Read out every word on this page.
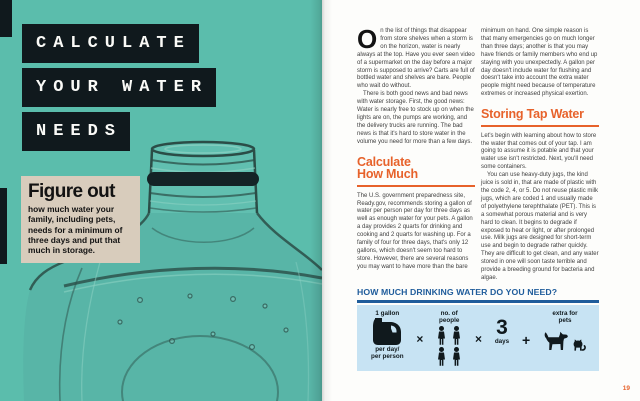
CALCULATE
YOUR WATER
NEEDS
Figure out
how much water your family, including pets, needs for a minimum of three days and put that much in storage.

On the list of things that disappear from store shelves when a storm is on the horizon, water is nearly always at the top. Have you ever seen video of a supermarket on the day before a major storm is supposed to arrive? Carts are full of bottled water and shelves are bare. People who wait do without.

There is both good news and bad news with water storage. First, the good news: Water is nearly free to stock up on when the lights are on, the pumps are working, and the delivery trucks are running. The bad news is that it's hard to store water in the volume you need for more than a few days.

Calculate
How Much

The U.S. government preparedness site, Ready.gov, recommends storing a gallon of water per person per day for three days as well as enough water for your pets. A gallon a day provides 2 quarts for drinking and cooking and 2 quarts for washing up. For a family of four for three days, that's only 12 gallons, which doesn't seem too hard to store. However, there are several reasons you may want to have more than the bare

minimum on hand. One simple reason is that many emergencies go on much longer than three days; another is that you may have friends or family members who end up staying with you unexpectedly. A gallon per day doesn't include water for flushing and doesn't take into account the extra water people might need because of temperature extremes or increased physical exertion.

Storing Tap Water

Let's begin with learning about how to store the water that comes out of your tap. I am going to assume it is potable and that your water use isn't restricted. Next, you'll need some containers.

You can use heavy-duty jugs, the kind juice is sold in, that are made of plastic with the code 2, 4, or 5. Do not reuse plastic milk jugs, which are coded 1 and usually made of polyethylene terephthalate (PET). This is a somewhat porous material and is very hard to clean. It begins to degrade if exposed to heat or light, or after prolonged use. Milk jugs are designed for short-term use and begin to degrade rather quickly. They are difficult to get clean, and any water stored in one will soon taste terrible and provide a breeding ground for bacteria and algae.

HOW MUCH DRINKING WATER DO YOU NEED?
1 gallon
per day/
per person
×
no. of
people
× 3
days +
extra for
pets
19
